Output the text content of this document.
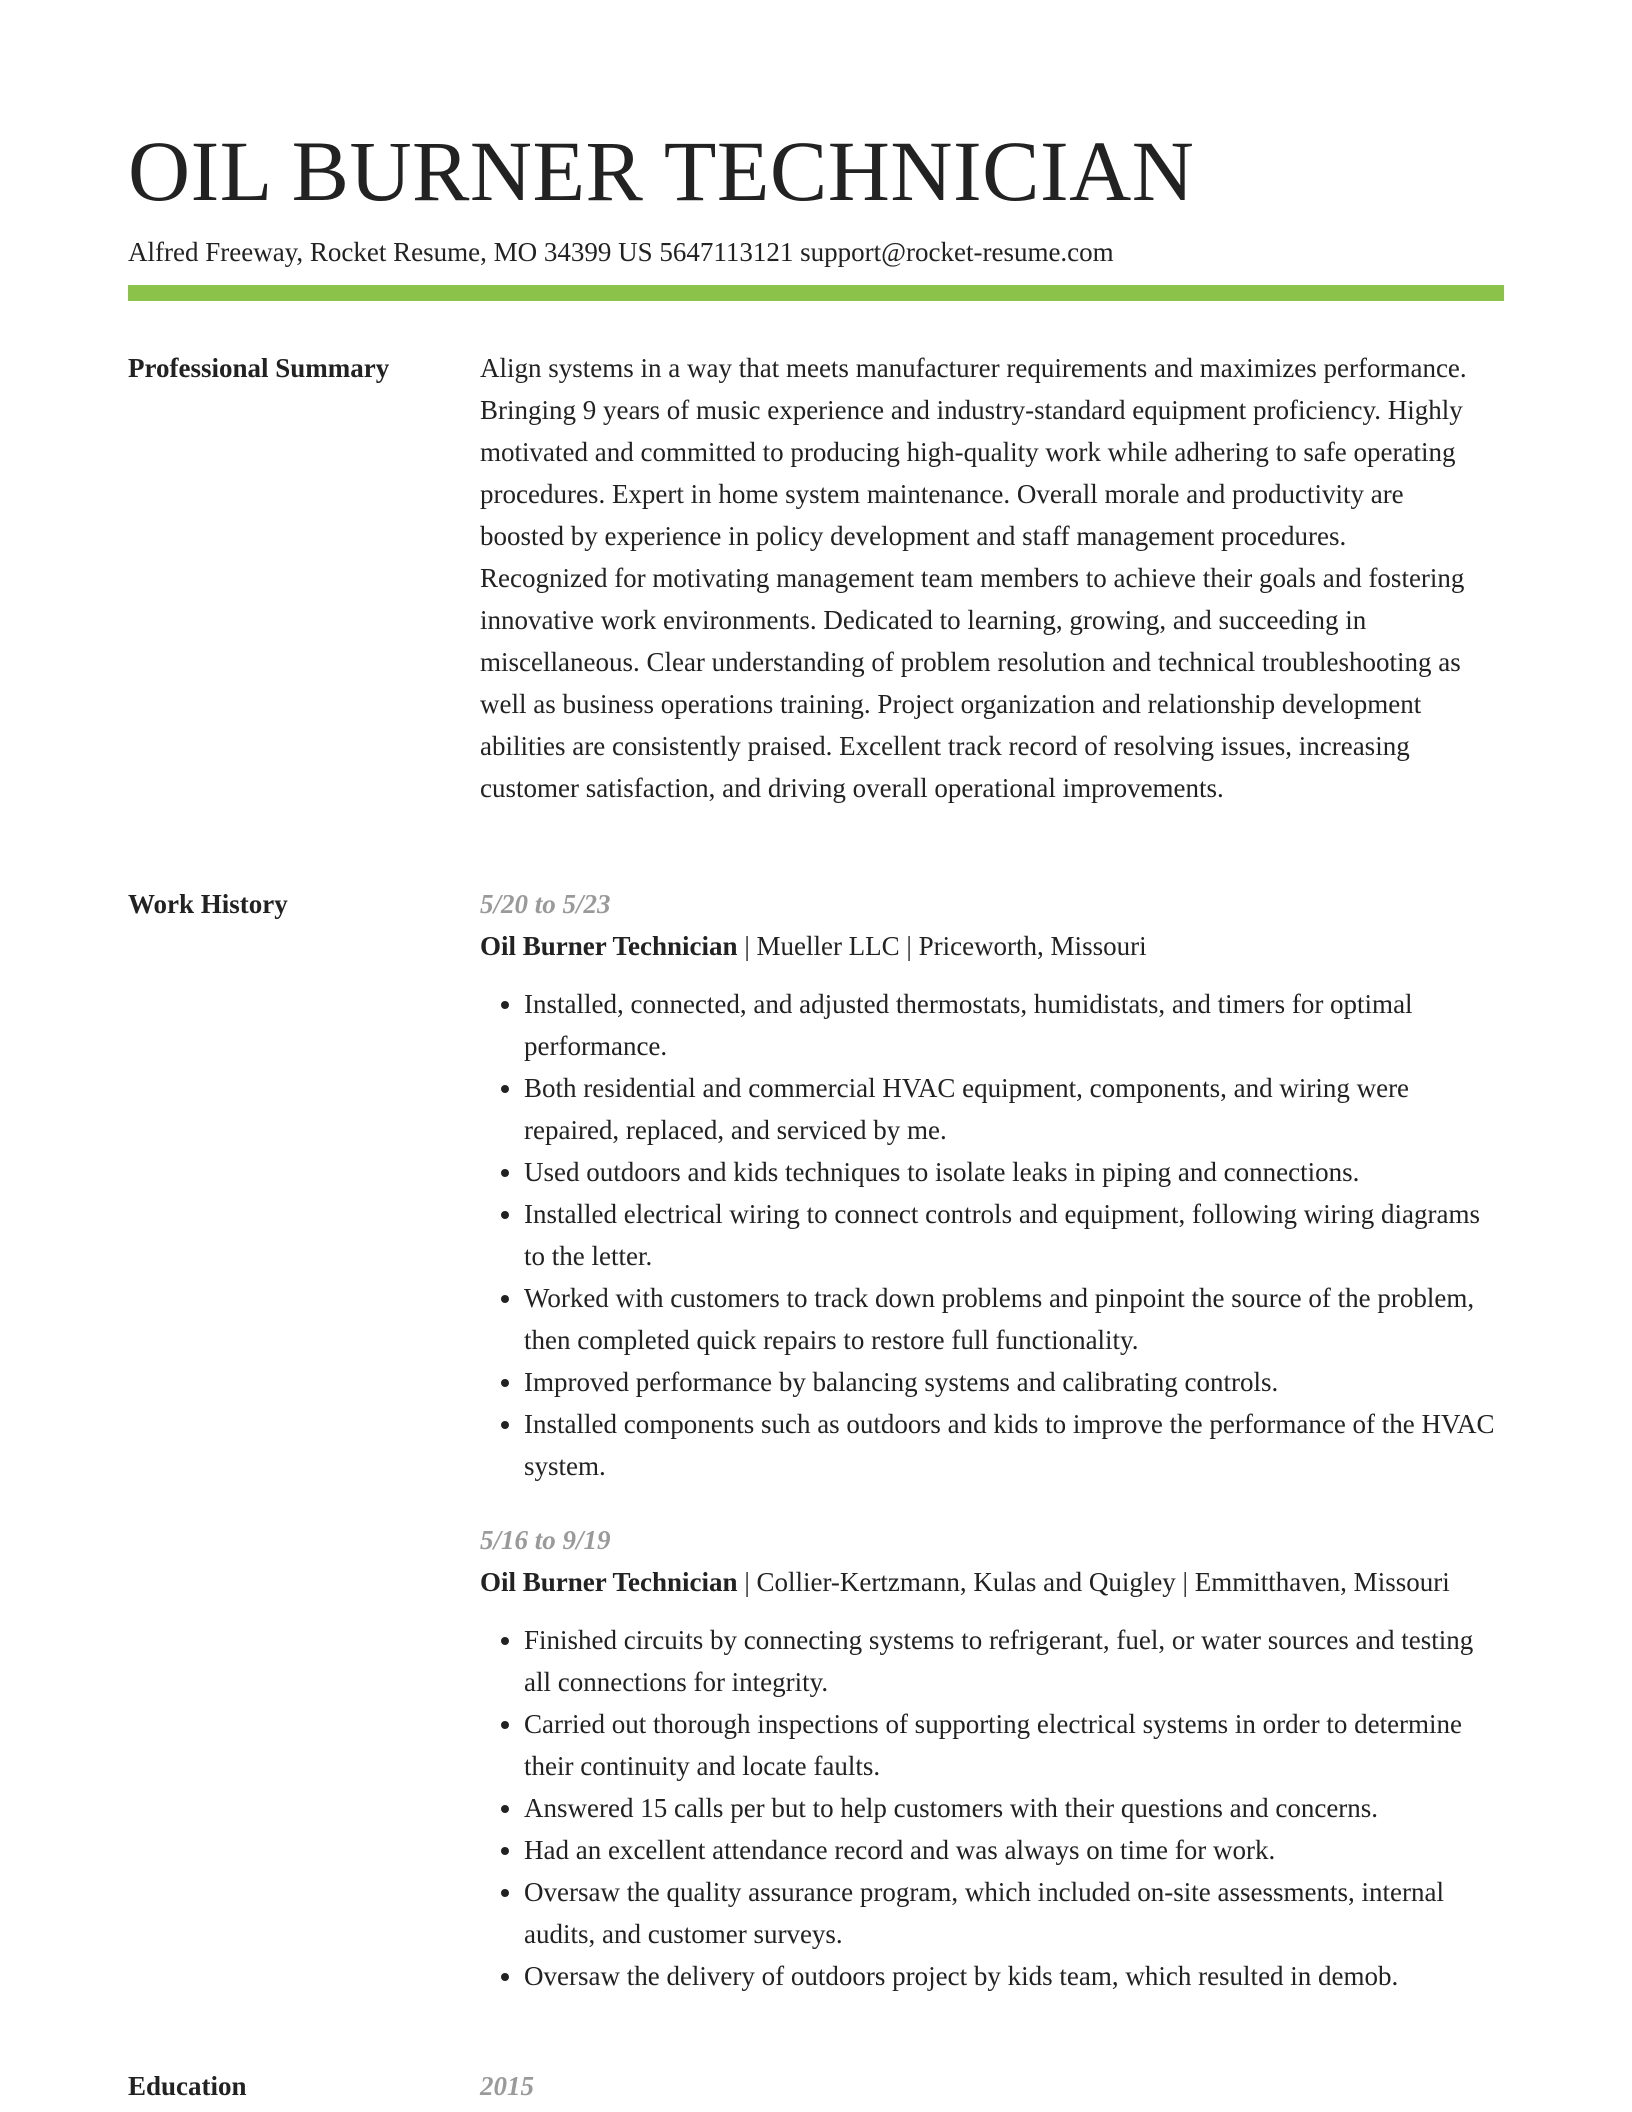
OIL BURNER TECHNICIAN
Alfred Freeway, Rocket Resume, MO 34399 US 5647113121 support@rocket-resume.com
Professional Summary	Align systems in a way that meets manufacturer requirements and maximizes performance. Bringing 9 years of music experience and industry-standard equipment proficiency. Highly motivated and committed to producing high-quality work while adhering to safe operating procedures. Expert in home system maintenance. Overall morale and productivity are boosted by experience in policy development and staff management procedures. Recognized for motivating management team members to achieve their goals and fostering innovative work environments. Dedicated to learning, growing, and succeeding in miscellaneous. Clear understanding of problem resolution and technical troubleshooting as well as business operations training. Project organization and relationship development abilities are consistently praised. Excellent track record of resolving issues, increasing customer satisfaction, and driving overall operational improvements.

Work History	5/20 to 5/23
Oil Burner Technician | Mueller LLC | Priceworth, Missouri
• Installed, connected, and adjusted thermostats, humidistats, and timers for optimal performance.
• Both residential and commercial HVAC equipment, components, and wiring were repaired, replaced, and serviced by me.
• Used outdoors and kids techniques to isolate leaks in piping and connections.
• Installed electrical wiring to connect controls and equipment, following wiring diagrams to the letter.
• Worked with customers to track down problems and pinpoint the source of the problem, then completed quick repairs to restore full functionality.
• Improved performance by balancing systems and calibrating controls.
• Installed components such as outdoors and kids to improve the performance of the HVAC system.
5/16 to 9/19
Oil Burner Technician | Collier-Kertzmann, Kulas and Quigley | Emmitthaven, Missouri
• Finished circuits by connecting systems to refrigerant, fuel, or water sources and testing all connections for integrity.
• Carried out thorough inspections of supporting electrical systems in order to determine their continuity and locate faults.
• Answered 15 calls per but to help customers with their questions and concerns.
• Had an excellent attendance record and was always on time for work.
• Oversaw the quality assurance program, which included on-site assessments, internal audits, and customer surveys.
• Oversaw the delivery of outdoors project by kids team, which resulted in demob.
Education	2015
